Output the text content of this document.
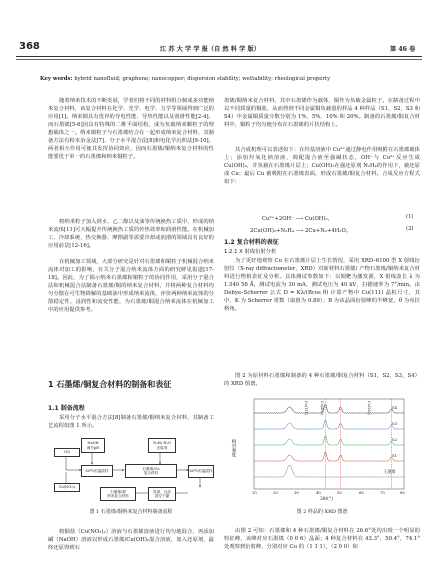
368	江 苏 大 学 学 报（自 然 科 学 版）	第 46 卷
Key words: hybrid nanofluid; graphene; nanocopper; dispersion stability; wettability; rheological property
随着纳米技术的不断发展，学者们将不同的材料组合制成多功能纳米复合材料，该复合材料在化学、光学、电学、力学等领域得到广泛的应用[1]。纳米铜具有优异的导电性能、导热性能以及润滑性能[2-4]，而石墨烯[5-6]因具有特殊的二维平面结构，成为负载纳米颗粒子的理想载体之一。纳米铜粒子与石墨烯结合在一起形成纳米复合材料，其制备方法有粉末冶金法[7]、分子水平混合法[8]和电化学沉积法[9-10]。两者相互作用可使其发挥协同效应，因而石墨烯/铜纳米复合材料的性能要优于单一的石墨烯和纳米铜粒子。
将纳米粒子加入到水、乙二醇以及油等传统换热工质中，形成的纳米流体[11]可大幅提升传统换热工质的传热效率和润滑性能。在机械加工、冷却系统、热交换器、摩擦副等需要冷却或润滑的领域具有良好的应用前景[12-16]。
在机械加工领域，大部分研究是针对石墨烯和铜粒子机械混合纳米流体对加工的影响，有关分子混合纳米流体方面的研究鲜见报道[17-18]。因此，为了揭示纳米石墨烯和铜粒子的协同作用，采用分子混合法和机械混合法制备石墨烯/铜的纳米复合材料，并将两种复合材料均匀分散在可生物降解的基础油中形成纳米流体，评价两种纳米流体的分散稳定性、浸润性和流变性能，为石墨烯/铜混合纳米流体在机械加工中的应用提供参考。
1 石墨烯/铜复合材料的制备和表征
1.1 制备流程
采用分子水平混合方法[8]制备石墨烯/铜纳米复合材料，其制备工艺流程如图 1 所示。
NaOH
调节pH
N₂H₄·H₂O
还原剂
GO
Cu(NO₃)₂
60℃恒温搅拌
石墨烯/Cu
复合材料	60℃恒温搅拌
洗涤、过滤
真空干燥
石墨烯/铜
纳米复合材料
图 1 石墨烯/铜纳米复合材料制备流程
将铜盐（Cu(NO₃)₂）溶液与石墨烯溶液进行均匀地混合，再添加碱（NaOH）溶液以形成石墨烯/Cu(OH)₂混合溶液，加入还原剂，最终还原得到石
墨烯/铜纳米复合材料，其中石墨烯作为载体，铜作为负载金属粒子。在制备过程中以不同质量的铜盐，从而得到不同金属铜负载量的样品 4 种样品（S1，S2，S3 和 S4）中金属铜质量分数分别为 1%，5%，10% 和 20%。制备的石墨烯/铜复合材料中，铜粒子均匀地分布在石墨烯的片状结构上。
其合成机理可以表述如下：在羟基溶液中 Cu²⁺通过静电作用吸附在石墨烯载体上；添加羟氧化钠溶液，调配混合液至强碱状态，OH⁻与 Cu²⁺反应生成 Cu(OH)₂，并负载在石墨烯片层上；Cu(OH)₂在强还原剂 N₂H₄的作用下，被还原成 Cu；最后 Cu 被吸附在石墨烯表面，形成石墨烯/铜复合材料。合成反应方程式如下：
Cu²⁺+2OH⁻ ⟶ Cu(OH)₂，	(1)
2Cu(OH)₂+N₂H₄ ⟶ 2Cu+N₂+4H₂O。	(2)
1.2 复合材料的表征
1.2.1 X 射线衍射分析
为了更好地观察 Cu 在石墨烯片层上生长情况，采用 XRD–6100 型 X 射线衍射仪（X-ray diffractometer，XRD）对新材料石墨烯/ 产物石墨烯/铜纳米复合材料进行物相表征及分析。具体测试参数如下：以铜靶为激发源，X 射线波长 λ 为 1.540 56 Å，测试电流为 30 mA，测试电压为 40 kV，扫描速率为 7°/min。由 Debye–Scherrer 公式 D = Kλ/(Bcos θ) 计算产物中 Cu(111) 晶粒尺寸，其中，K 为 Scherrer 常数（取值为 0.89）；B 为该晶面衍射峰的半峰宽，θ 为布拉格角。
图 2 为原材料石墨烯和制备的 4 种石墨烯/铜复合材料（S1，S2，S3，S4）的 XRD 图谱。
相对强度
2θ/(°)
10	20	30	40	50	60	70	80
S4
S3
S2
S1
石墨烯
Cu(111)	Cu(200)	Cu(220)
图 2 样品的 XRD 图谱
由图 2 可知：石墨烯和 4 种石墨烯/铜复合材料在 26.6°处均出现一个明显的特征峰，该峰对应石墨烯（0 0 6）晶面；4 种复合材料在 43.3°，50.4°，74.1° 处观察到衍射峰，分别对应 Cu 的（1 1 1），（2 0 0）和
